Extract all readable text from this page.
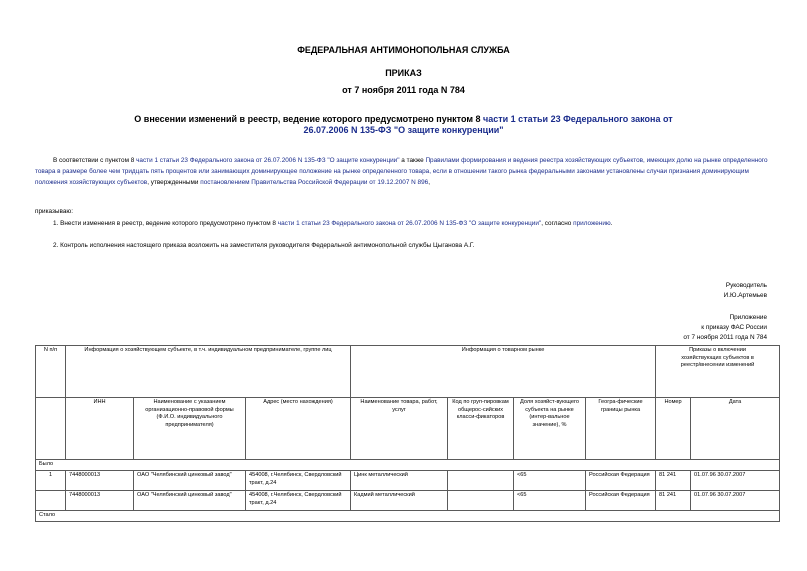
ФЕДЕРАЛЬНАЯ АНТИМОНОПОЛЬНАЯ СЛУЖБА
ПРИКАЗ
от 7 ноября 2011 года N 784
О внесении изменений в реестр, ведение которого предусмотрено пунктом 8 части 1 статьи 23 Федерального закона от 26.07.2006 N 135-ФЗ "О защите конкуренции"
В соответствии с пунктом 8 части 1 статьи 23 Федерального закона от 26.07.2006 N 135-ФЗ "О защите конкуренции" а также Правилами формирования и ведения реестра хозяйствующих субъектов, имеющих долю на рынке определенного товара в размере более чем тридцать пять процентов или занимающих доминирующее положение на рынке определенного товара, если в отношении такого рынка федеральными законами установлены случаи признания доминирующим положения хозяйствующих субъектов, утвержденными постановлением Правительства Российской Федерации от 19.12.2007 N 896,
приказываю:
1. Внести изменения в реестр, ведение которого предусмотрено пунктом 8 части 1 статьи 23 Федерального закона от 26.07.2006 N 135-ФЗ "О защите конкуренции", согласно приложению.
2. Контроль исполнения настоящего приказа возложить на заместителя руководителя Федеральной антимонопольной службы Цыганова А.Г.
Руководитель
И.Ю.Артемьев
Приложение
к приказу ФАС России
от 7 ноября 2011 года N 784
N п/п	Информация о хозяйствующем субъекте, в т.ч. индивидуальном предпринимателе, группе лиц			Информация о товарном рынке				Приказы о включении хозяйствующих субъектов в реестр/внесении изменений	
	ИНН	Наименование с указанием организационно-правовой формы (Ф.И.О. индивидуального предпринимателя)	Адрес (место нахождения)	Наименование товара, работ, услуг	Код по груп-пировкам общерос-сийских класси-фикаторов	Доля хозяйст-вующего субъекта на рынке (интер-вальное значение), %	Геогра-фические границы рынка	Номер	Дата
Было									
1	7448000013	ОАО "Челябинский цинковый завод"	454008, г.Челябинск, Свердловский тракт, д.24	Цинк металлический		<65	Российская Федерация	81 241	01.07.96 30.07.2007
	7448000013	ОАО "Челябинский цинковый завод"	454008, г.Челябинск, Свердловский тракт, д.24	Кадмий металлический		<65	Российская Федерация	81 241	01.07.96 30.07.2007
Стало									
